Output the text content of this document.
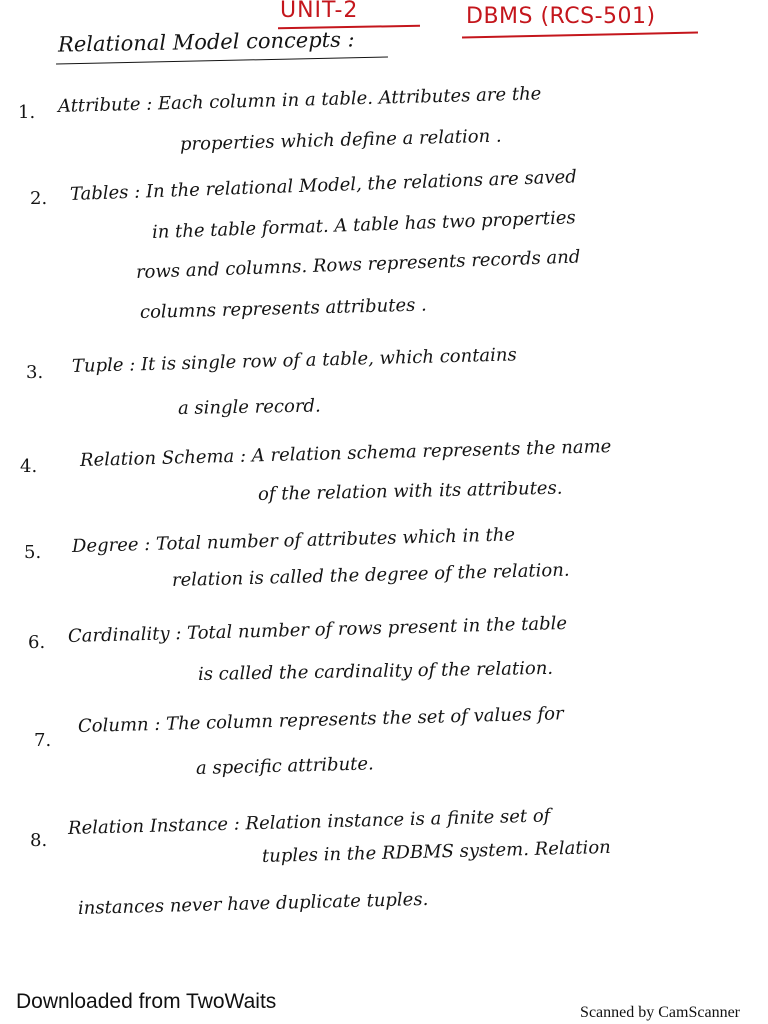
UNIT-2	DBMS (RCS-501)
Relational Model concepts :
1. Attribute : Each column in a table. Attributes are the
properties which define a relation .
2. Tables : In the relational Model, the relations are saved
in the table format. A table has two properties
rows and columns. Rows represents records and
columns represents attributes .
3. Tuple : It is single row of a table, which contains
a single record.
4. Relation Schema : A relation schema represents the name
of the relation with its attributes.
5. Degree : Total number of attributes which in the
relation is called the degree of the relation.
6. Cardinality : Total number of rows present in the table
is called the cardinality of the relation.
7.
Column : The column represents the set of values for
a specific attribute.
8.
Relation Instance : Relation instance is a finite set of
tuples in the RDBMS system. Relation
instances never have duplicate tuples.
Downloaded from TwoWaits	Scanned by CamScanner
